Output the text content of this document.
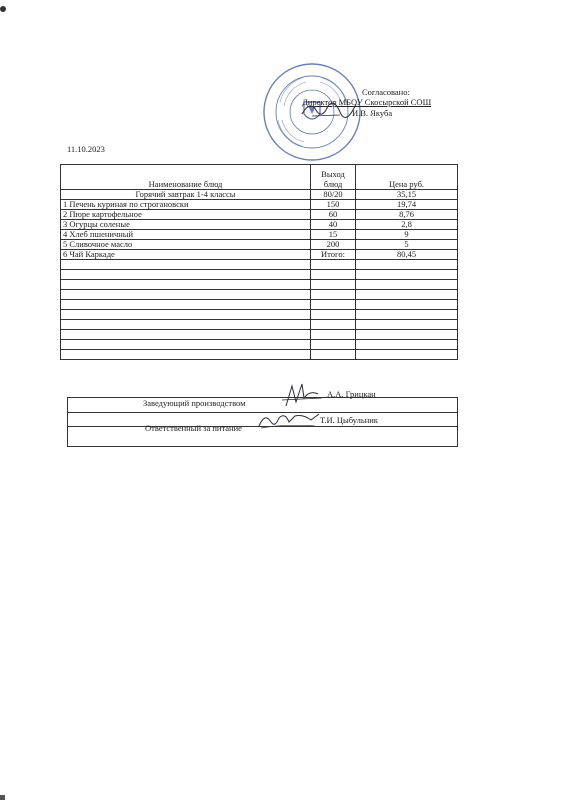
Согласовано:
Директор МБОУ Скосырской СОШ
И.В. Якуба
11.10.2023
Наименование блюд	Выход блюд	Цена руб.
Горячий завтрак 1-4 классы	80/20	35,15
1 Печень куриная по строгановски	150	19,74
2 Пюре картофельное	60	8,76
3 Огурцы соленые	40	2,8
4 Хлеб пшеничный	15	9
5 Сливочное масло	200	5
6 Чай Каркаде	Итого:	80,45

Заведующий производством
А.А. Грицкан
Ответственный за питание
Т.И. Цыбульник
